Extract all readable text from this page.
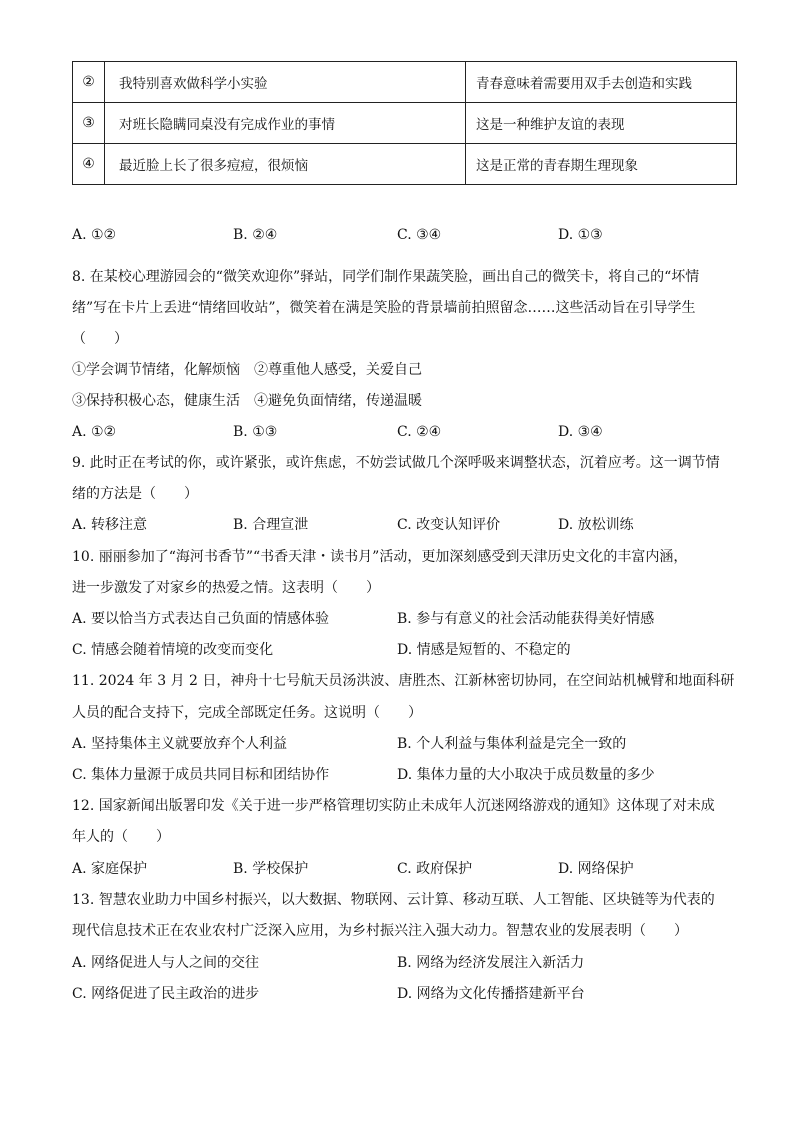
②	我特别喜欢做科学小实验	青春意味着需要用双手去创造和实践
③	对班长隐瞒同桌没有完成作业的事情	这是一种维护友谊的表现
④	最近脸上长了很多痘痘，很烦恼	这是正常的青春期生理现象
A. ①②	B. ②④	C. ③④	D. ①③
8. 在某校心理游园会的“微笑欢迎你”驿站，同学们制作果蔬笑脸，画出自己的微笑卡，将自己的“坏情
绪”写在卡片上丢进“情绪回收站”，微笑着在满是笑脸的背景墙前拍照留念……这些活动旨在引导学生
（　　）
①学会调节情绪，化解烦恼　②尊重他人感受，关爱自己
③保持积极心态，健康生活　④避免负面情绪，传递温暖
A. ①②	B. ①③	C. ②④	D. ③④
9. 此时正在考试的你，或许紧张，或许焦虑，不妨尝试做几个深呼吸来调整状态，沉着应考。这一调节情
绪的方法是（　　）
A. 转移注意	B. 合理宣泄	C. 改变认知评价	D. 放松训练
10. 丽丽参加了“海河书香节”“书香天津・读书月”活动，更加深刻感受到天津历史文化的丰富内涵，
进一步激发了对家乡的热爱之情。这表明（　　）
A. 要以恰当方式表达自己负面的情感体验	B. 参与有意义的社会活动能获得美好情感
C. 情感会随着情境的改变而变化	D. 情感是短暂的、不稳定的
11. 2024 年 3 月 2 日，神舟十七号航天员汤洪波、唐胜杰、江新林密切协同，在空间站机械臂和地面科研
人员的配合支持下，完成全部既定任务。这说明（　　）
A. 坚持集体主义就要放弃个人利益	B. 个人利益与集体利益是完全一致的
C. 集体力量源于成员共同目标和团结协作	D. 集体力量的大小取决于成员数量的多少
12. 国家新闻出版署印发《关于进一步严格管理切实防止未成年人沉迷网络游戏的通知》这体现了对未成
年人的（　　）
A. 家庭保护	B. 学校保护	C. 政府保护	D. 网络保护
13. 智慧农业助力中国乡村振兴，以大数据、物联网、云计算、移动互联、人工智能、区块链等为代表的
现代信息技术正在农业农村广泛深入应用，为乡村振兴注入强大动力。智慧农业的发展表明（　　）
A. 网络促进人与人之间的交往	B. 网络为经济发展注入新活力
C. 网络促进了民主政治的进步	D. 网络为文化传播搭建新平台
